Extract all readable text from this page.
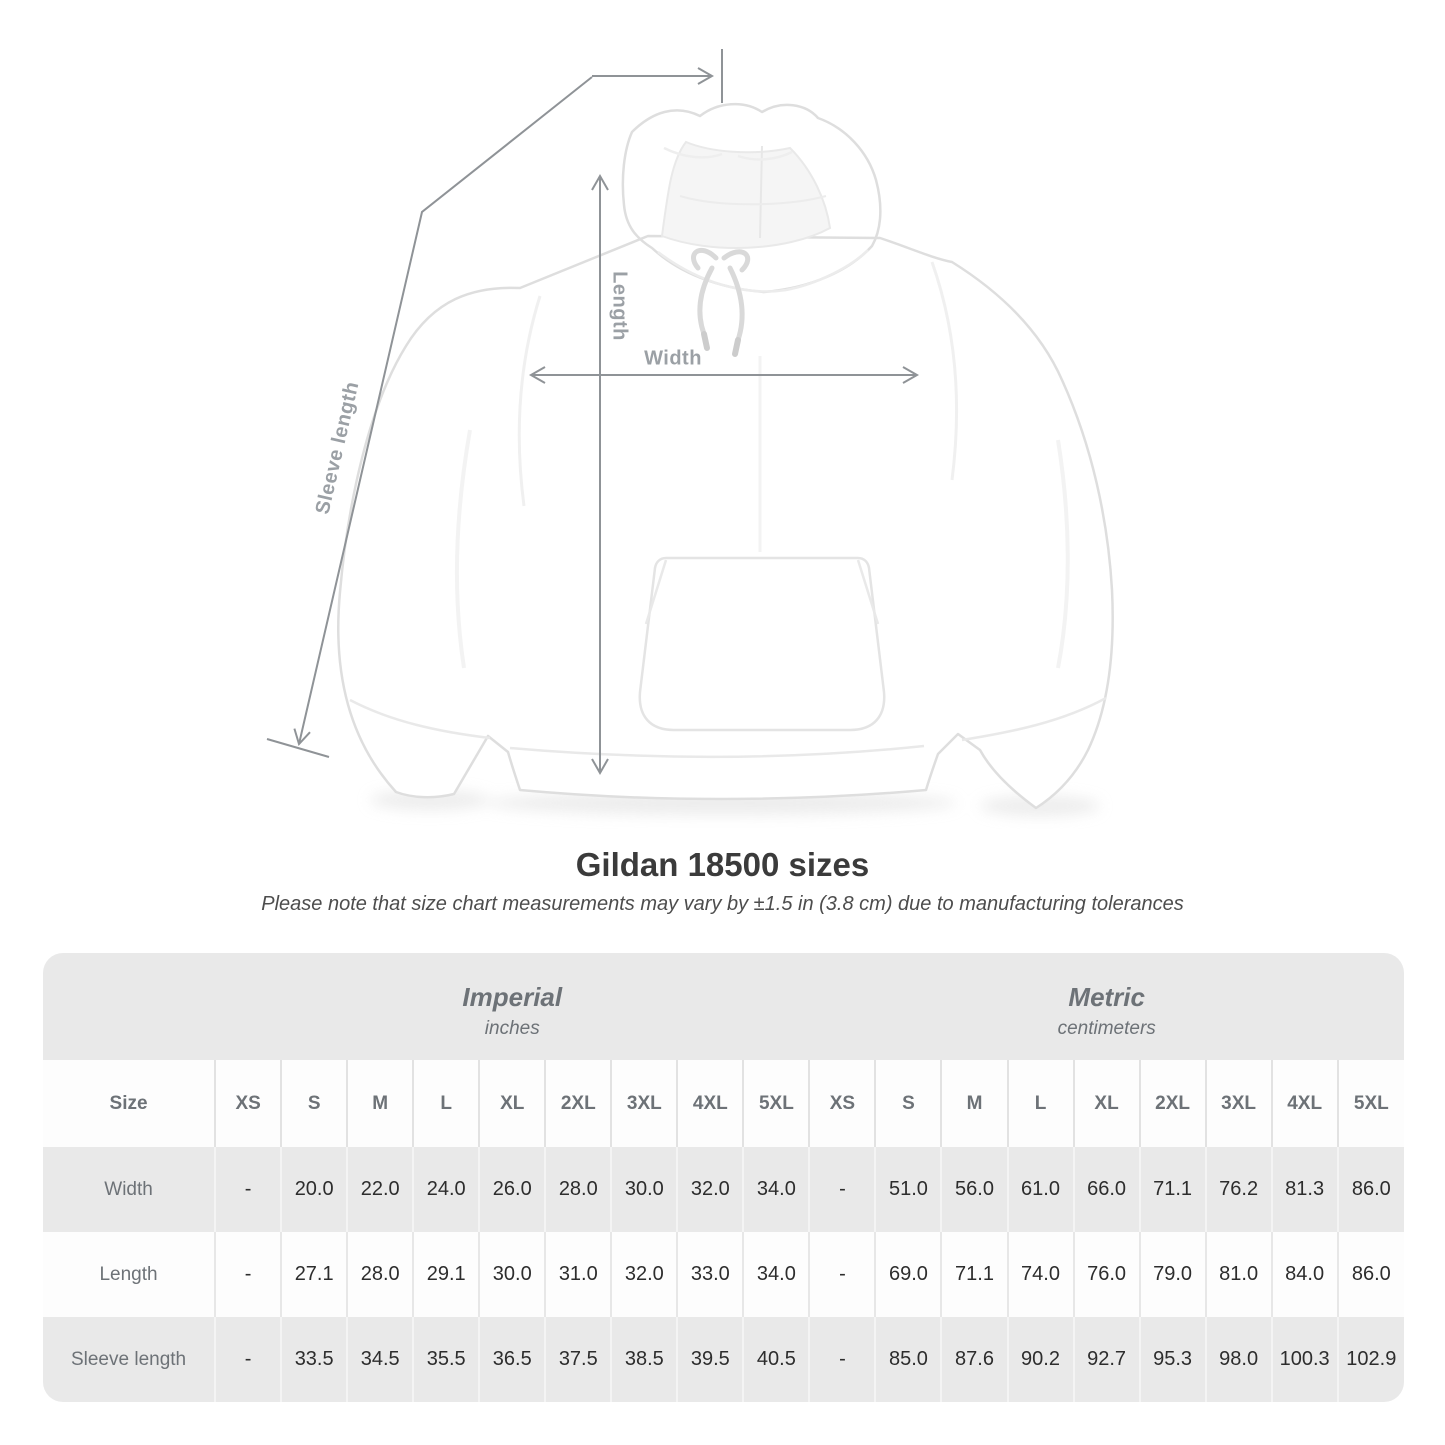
Sleeve length
Length
Width
Gildan 18500 sizes
Please note that size chart measurements may vary by ±1.5 in (3.8 cm) due to manufacturing tolerances

Imperial
inches

Metric
centimeters

Size	XS	S	M	L	XL	2XL	3XL	4XL	5XL	XS	S	M	L	XL	2XL	3XL	4XL	5XL
Width	-	20.0	22.0	24.0	26.0	28.0	30.0	32.0	34.0	-	51.0	56.0	61.0	66.0	71.1	76.2	81.3	86.0
Length	-	27.1	28.0	29.1	30.0	31.0	32.0	33.0	34.0	-	69.0	71.1	74.0	76.0	79.0	81.0	84.0	86.0
Sleeve length	-	33.5	34.5	35.5	36.5	37.5	38.5	39.5	40.5	-	85.0	87.6	90.2	92.7	95.3	98.0	100.3	102.9
